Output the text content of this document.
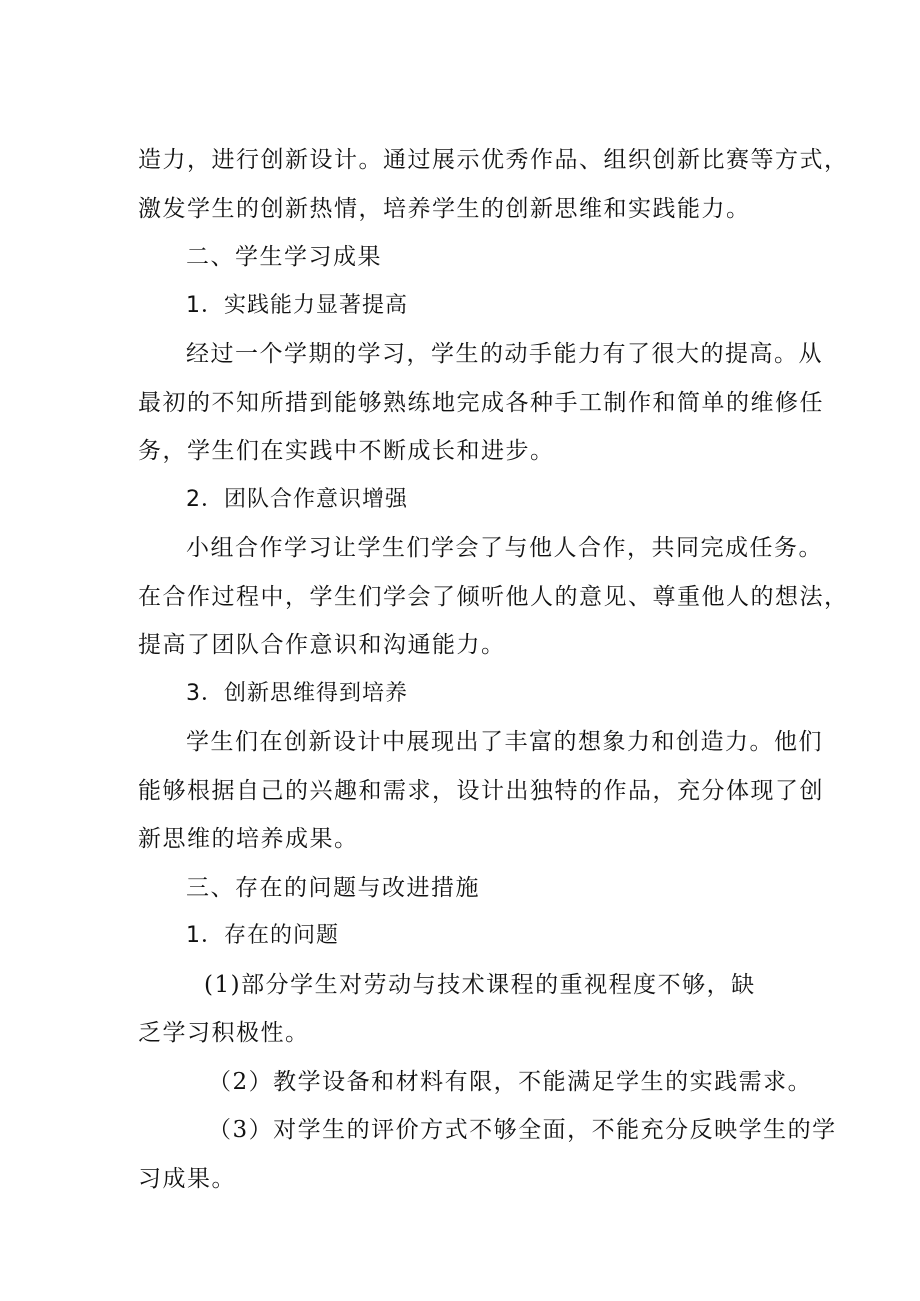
造力，进行创新设计。通过展示优秀作品、组织创新比赛等方式，

激发学生的创新热情，培养学生的创新思维和实践能力。

二、学生学习成果

1．实践能力显著提高

经过一个学期的学习，学生的动手能力有了很大的提高。从

最初的不知所措到能够熟练地完成各种手工制作和简单的维修任

务，学生们在实践中不断成长和进步。

2．团队合作意识增强

小组合作学习让学生们学会了与他人合作，共同完成任务。

在合作过程中，学生们学会了倾听他人的意见、尊重他人的想法，

提高了团队合作意识和沟通能力。

3．创新思维得到培养

学生们在创新设计中展现出了丰富的想象力和创造力。他们

能够根据自己的兴趣和需求，设计出独特的作品，充分体现了创

新思维的培养成果。

三、存在的问题与改进措施

1．存在的问题

(1)部分学生对劳动与技术课程的重视程度不够，缺

乏学习积极性。

（2）教学设备和材料有限，不能满足学生的实践需求。

（3）对学生的评价方式不够全面，不能充分反映学生的学

习成果。
